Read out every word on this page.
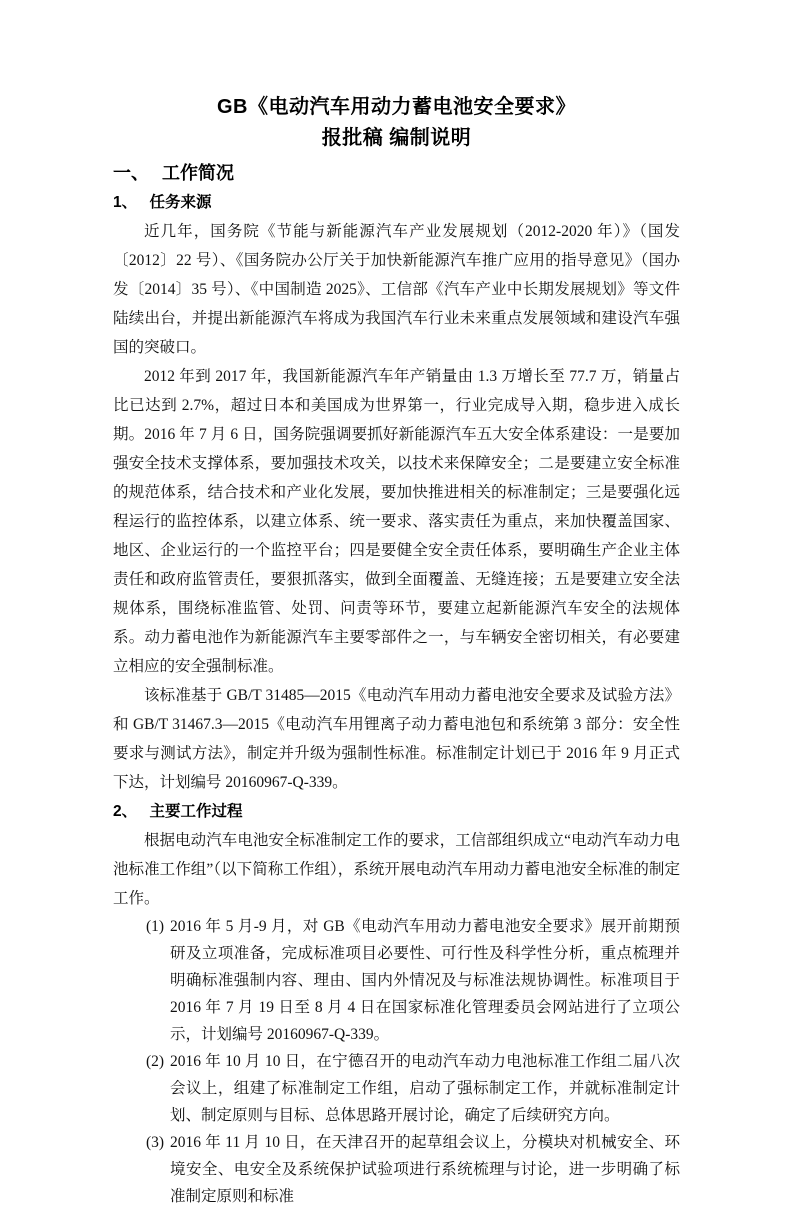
GB《电动汽车用动力蓄电池安全要求》
报批稿 编制说明
一、 工作简况
1、 任务来源

近几年，国务院《节能与新能源汽车产业发展规划（2012-2020 年）》（国发〔2012〕22 号）、《国务院办公厅关于加快新能源汽车推广应用的指导意见》（国办发〔2014〕35 号）、《中国制造 2025》、工信部《汽车产业中长期发展规划》等文件陆续出台，并提出新能源汽车将成为我国汽车行业未来重点发展领域和建设汽车强国的突破口。

2012 年到 2017 年，我国新能源汽车年产销量由 1.3 万增长至 77.7 万，销量占比已达到 2.7%，超过日本和美国成为世界第一，行业完成导入期，稳步进入成长期。2016 年 7 月 6 日，国务院强调要抓好新能源汽车五大安全体系建设：一是要加强安全技术支撑体系，要加强技术攻关，以技术来保障安全；二是要建立安全标准的规范体系，结合技术和产业化发展，要加快推进相关的标准制定；三是要强化远程运行的监控体系，以建立体系、统一要求、落实责任为重点，来加快覆盖国家、地区、企业运行的一个监控平台；四是要健全安全责任体系，要明确生产企业主体责任和政府监管责任，要狠抓落实，做到全面覆盖、无缝连接；五是要建立安全法规体系，围绕标准监管、处罚、问责等环节，要建立起新能源汽车安全的法规体系。动力蓄电池作为新能源汽车主要零部件之一，与车辆安全密切相关，有必要建立相应的安全强制标准。

该标准基于 GB/T 31485—2015《电动汽车用动力蓄电池安全要求及试验方法》和 GB/T 31467.3—2015《电动汽车用锂离子动力蓄电池包和系统第 3 部分：安全性要求与测试方法》，制定并升级为强制性标准。标准制定计划已于 2016 年 9 月正式下达，计划编号 20160967-Q-339。

2、 主要工作过程

根据电动汽车电池安全标准制定工作的要求，工信部组织成立“电动汽车动力电池标准工作组”（以下简称工作组），系统开展电动汽车用动力蓄电池安全标准的制定工作。

(1) 2016 年 5 月-9 月，对 GB《电动汽车用动力蓄电池安全要求》展开前期预研及立项准备，完成标准项目必要性、可行性及科学性分析，重点梳理并明确标准强制内容、理由、国内外情况及与标准法规协调性。标准项目于 2016 年 7 月 19 日至 8 月 4 日在国家标准化管理委员会网站进行了立项公示，计划编号 20160967-Q-339。
(2) 2016 年 10 月 10 日，在宁德召开的电动汽车动力电池标准工作组二届八次会议上，组建了标准制定工作组，启动了强标制定工作，并就标准制定计划、制定原则与目标、总体思路开展讨论，确定了后续研究方向。
(3) 2016 年 11 月 10 日，在天津召开的起草组会议上，分模块对机械安全、环境安全、电安全及系统保护试验项进行系统梳理与讨论，进一步明确了标准制定原则和标准
